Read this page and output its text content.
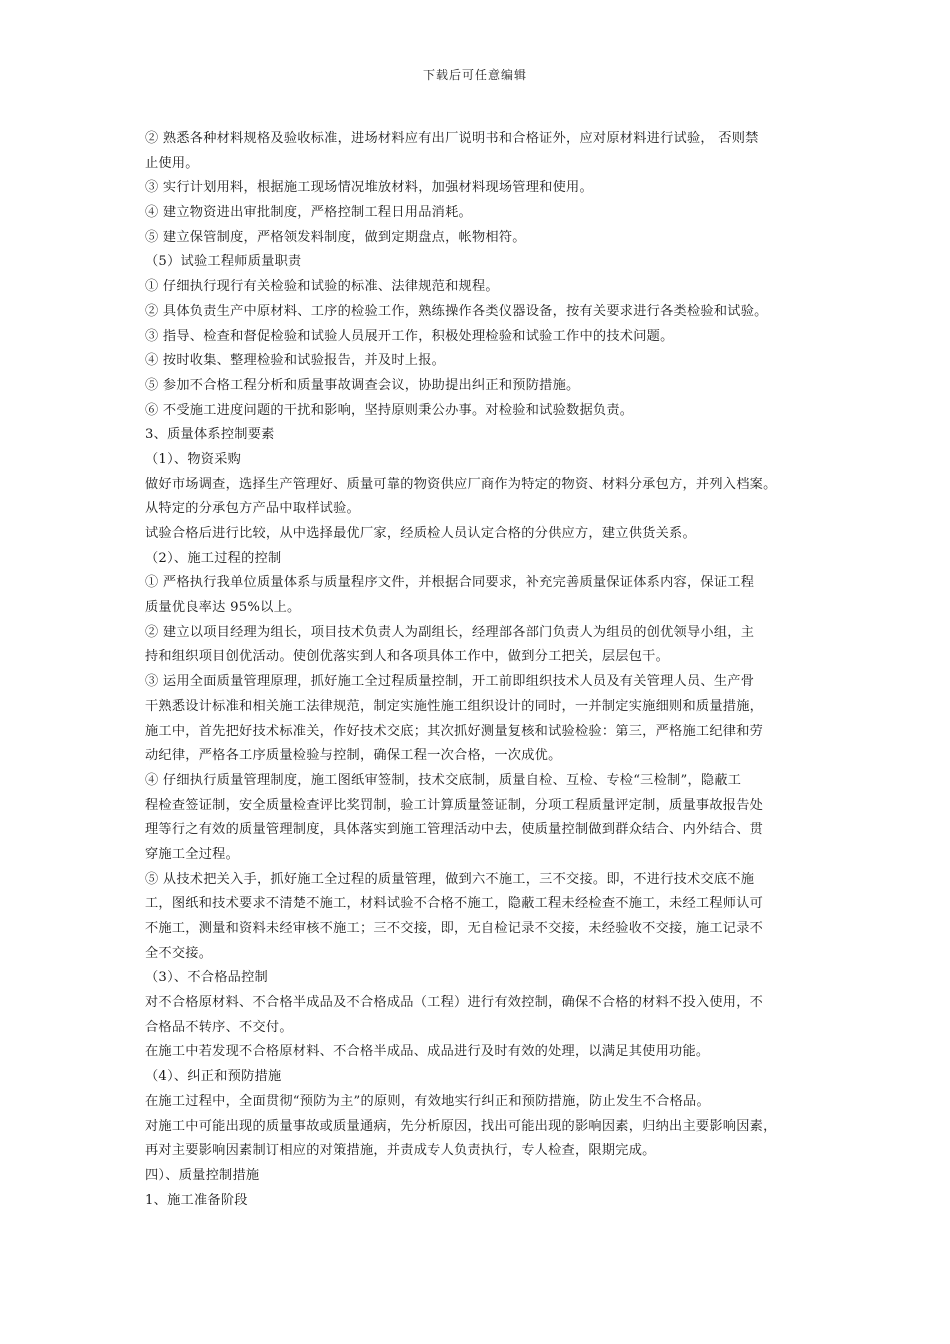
下载后可任意编辑
② 熟悉各种材料规格及验收标准，进场材料应有出厂说明书和合格证外，应对原材料进行试验， 否则禁
止使用。
③ 实行计划用料，根据施工现场情况堆放材料，加强材料现场管理和使用。
④ 建立物资进出审批制度，严格控制工程日用品消耗。
⑤ 建立保管制度，严格领发料制度，做到定期盘点，帐物相符。
（5）试验工程师质量职责
① 仔细执行现行有关检验和试验的标准、法律规范和规程。
② 具体负责生产中原材料、工序的检验工作，熟练操作各类仪器设备，按有关要求进行各类检验和试验。
③ 指导、检查和督促检验和试验人员展开工作，积极处理检验和试验工作中的技术问题。
④ 按时收集、整理检验和试验报告，并及时上报。
⑤ 参加不合格工程分析和质量事故调查会议，协助提出纠正和预防措施。
⑥ 不受施工进度问题的干扰和影响，坚持原则秉公办事。对检验和试验数据负责。
3、质量体系控制要素
（1）、物资采购
做好市场调查，选择生产管理好、质量可靠的物资供应厂商作为特定的物资、材料分承包方，并列入档案。
从特定的分承包方产品中取样试验。
试验合格后进行比较，从中选择最优厂家，经质检人员认定合格的分供应方，建立供货关系。
（2）、施工过程的控制
① 严格执行我单位质量体系与质量程序文件，并根据合同要求，补充完善质量保证体系内容，保证工程
质量优良率达 95%以上。
② 建立以项目经理为组长，项目技术负责人为副组长，经理部各部门负责人为组员的创优领导小组，主
持和组织项目创优活动。使创优落实到人和各项具体工作中，做到分工把关，层层包干。
③ 运用全面质量管理原理，抓好施工全过程质量控制，开工前即组织技术人员及有关管理人员、生产骨
干熟悉设计标准和相关施工法律规范，制定实施性施工组织设计的同时，一并制定实施细则和质量措施，
施工中，首先把好技术标准关，作好技术交底；其次抓好测量复核和试验检验：第三，严格施工纪律和劳
动纪律，严格各工序质量检验与控制，确保工程一次合格，一次成优。
④ 仔细执行质量管理制度，施工图纸审签制，技术交底制，质量自检、互检、专检“三检制”，隐蔽工
程检查签证制，安全质量检查评比奖罚制，验工计算质量签证制，分项工程质量评定制，质量事故报告处
理等行之有效的质量管理制度，具体落实到施工管理活动中去，使质量控制做到群众结合、内外结合、贯
穿施工全过程。
⑤ 从技术把关入手，抓好施工全过程的质量管理，做到六不施工，三不交接。即，不进行技术交底不施
工，图纸和技术要求不清楚不施工，材料试验不合格不施工，隐蔽工程未经检查不施工，未经工程师认可
不施工，测量和资料未经审核不施工；三不交接，即，无自检记录不交接，未经验收不交接，施工记录不
全不交接。
（3）、不合格品控制
对不合格原材料、不合格半成品及不合格成品（工程）进行有效控制，确保不合格的材料不投入使用，不
合格品不转序、不交付。
在施工中若发现不合格原材料、不合格半成品、成品进行及时有效的处理，以满足其使用功能。
（4）、纠正和预防措施
在施工过程中，全面贯彻“预防为主”的原则，有效地实行纠正和预防措施，防止发生不合格品。
对施工中可能出现的质量事故或质量通病，先分析原因，找出可能出现的影响因素，归纳出主要影响因素，
再对主要影响因素制订相应的对策措施，并责成专人负责执行，专人检查，限期完成。
四）、质量控制措施
1、施工准备阶段
